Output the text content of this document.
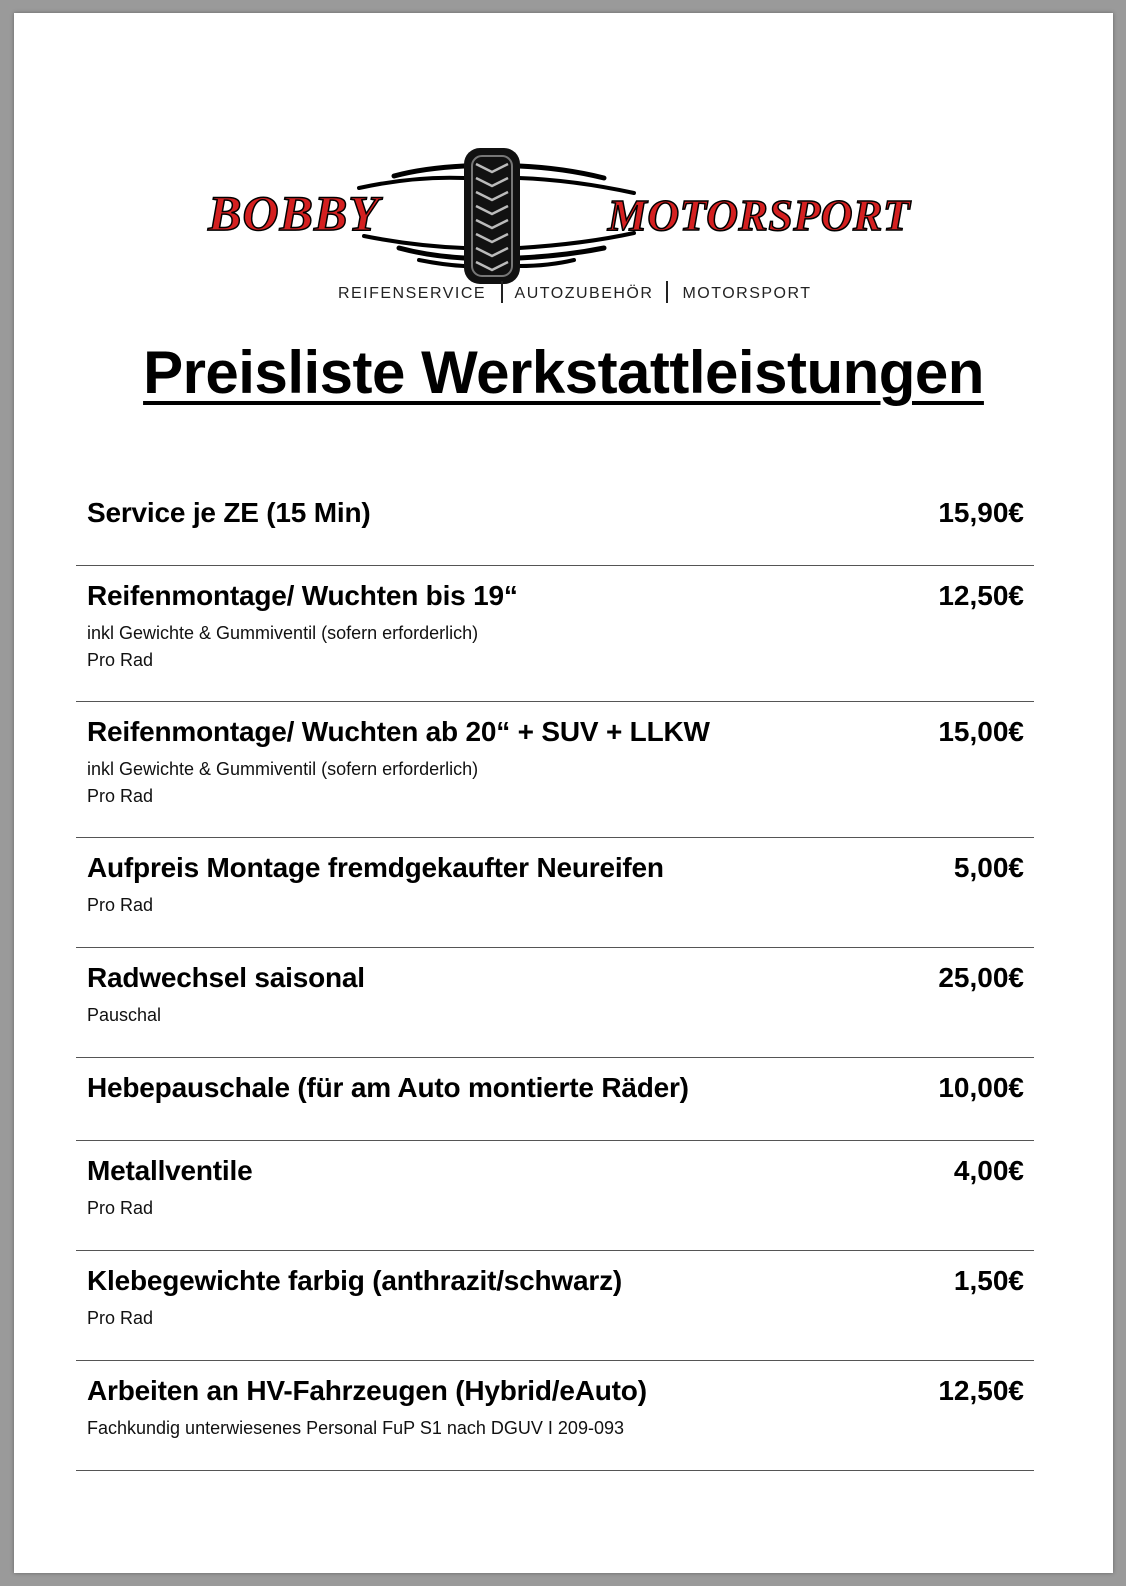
BOBBY	MOTORSPORT
REIFENSERVICE AUTOZUBEHÖR MOTORSPORT
Preisliste Werkstattleistungen
Service je ZE (15 Min)	15,90€
Reifenmontage/ Wuchten bis 19“	12,50€
inkl Gewichte & Gummiventil (sofern erforderlich)
Pro Rad
Reifenmontage/ Wuchten ab 20“ + SUV + LLKW	15,00€
inkl Gewichte & Gummiventil (sofern erforderlich)
Pro Rad
Aufpreis Montage fremdgekaufter Neureifen	5,00€
Pro Rad
Radwechsel saisonal	25,00€
Pauschal
Hebepauschale (für am Auto montierte Räder)	10,00€
Metallventile	4,00€
Pro Rad
Klebegewichte farbig (anthrazit/schwarz)	1,50€
Pro Rad
Arbeiten an HV-Fahrzeugen (Hybrid/eAuto)	12,50€
Fachkundig unterwiesenes Personal FuP S1 nach DGUV I 209-093
